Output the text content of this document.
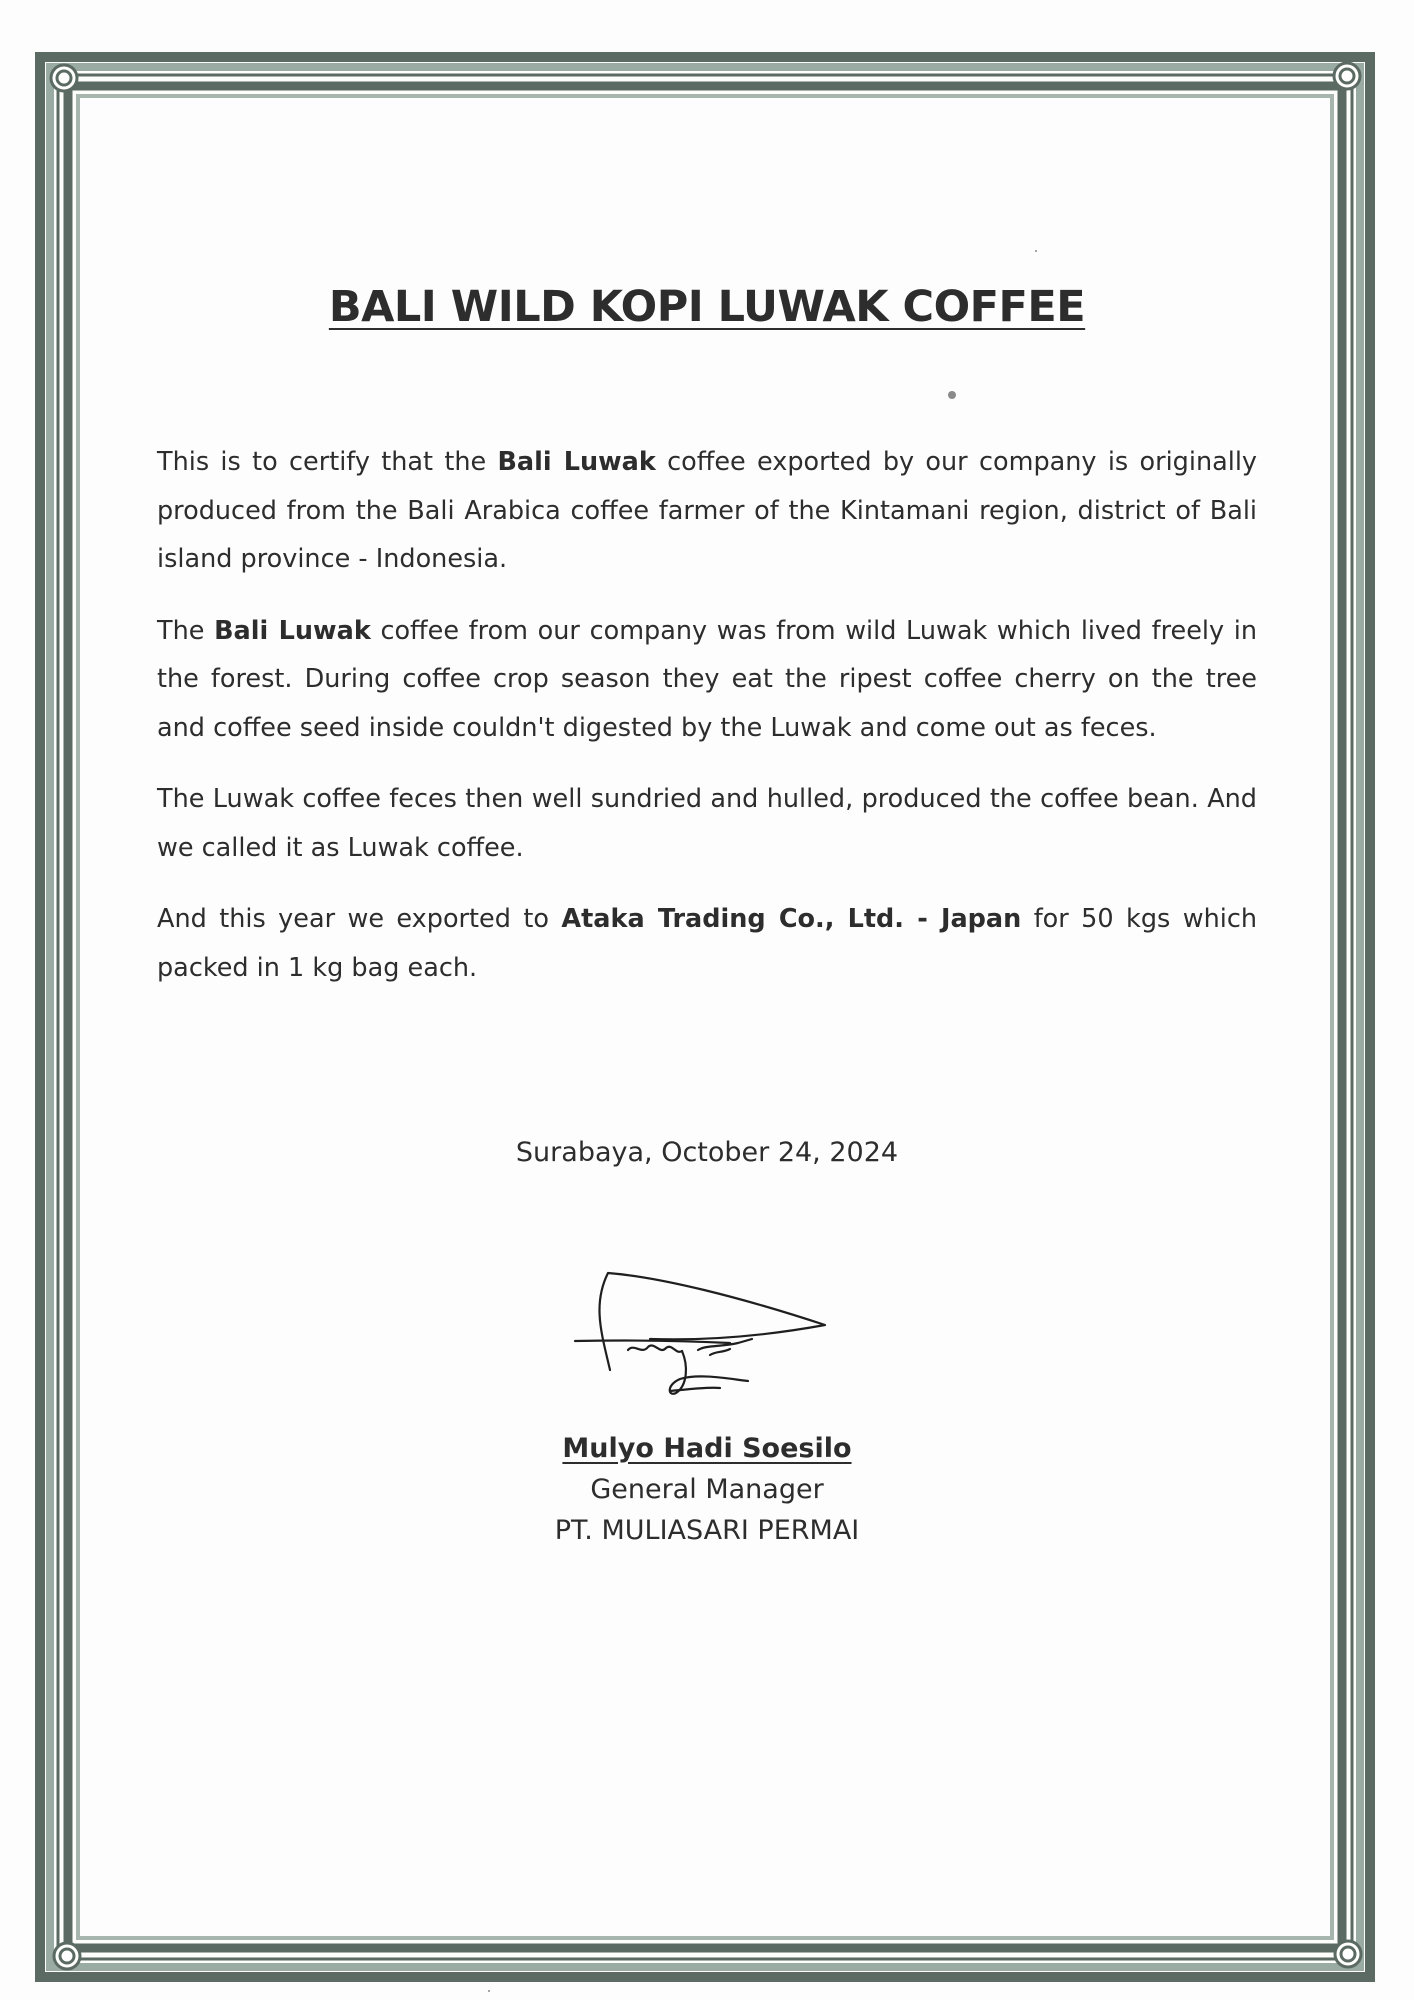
BALI WILD KOPI LUWAK COFFEE

This is to certify that the Bali Luwak coffee exported by our company is originally produced from the Bali Arabica coffee farmer of the Kintamani region, district of Bali island province - Indonesia.

The Bali Luwak coffee from our company was from wild Luwak which lived freely in the forest. During coffee crop season they eat the ripest coffee cherry on the tree and coffee seed inside couldn't digested by the Luwak and come out as feces.

The Luwak coffee feces then well sundried and hulled, produced the coffee bean. And we called it as Luwak coffee.

And this year we exported to Ataka Trading Co., Ltd. - Japan for 50 kgs which packed in 1 kg bag each.

Surabaya, October 24, 2024
Mulyo Hadi Soesilo
General Manager
PT. MULIASARI PERMAI
